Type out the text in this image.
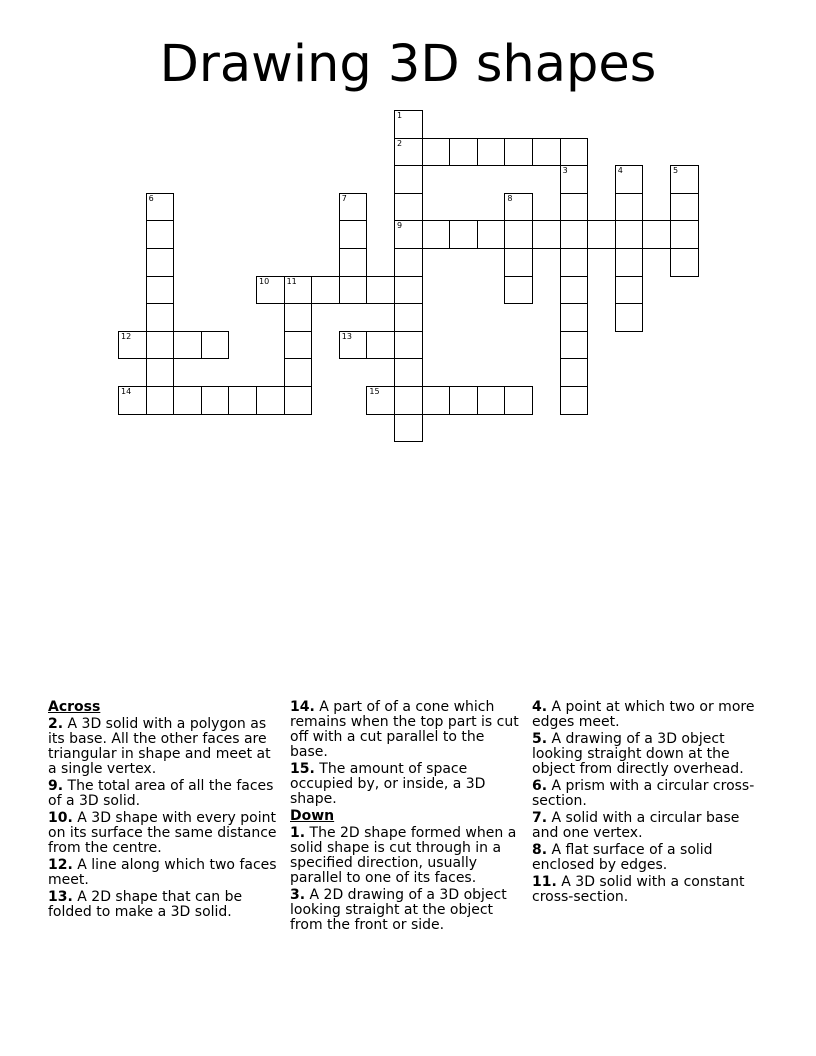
Drawing 3D shapes
2
9
10 11
12	13
14	15
1
3	4	5
6	7	8

Across

2. A 3D solid with a polygon as its base. All the other faces are triangular in shape and meet at a single vertex.

9. The total area of all the faces of a 3D solid.

10. A 3D shape with every point on its surface the same distance from the centre.

12. A line along which two faces meet.

13. A 2D shape that can be folded to make a 3D solid.

14. A part of of a cone which remains when the top part is cut off with a cut parallel to the base.

15. The amount of space occupied by, or inside, a 3D shape.

Down

1. The 2D shape formed when a solid shape is cut through in a specified direction, usually parallel to one of its faces.

3. A 2D drawing of a 3D object looking straight at the object from the front or side.

4. A point at which two or more edges meet.

5. A drawing of a 3D object looking straight down at the object from directly overhead.

6. A prism with a circular cross-section.

7. A solid with a circular base and one vertex.

8. A flat surface of a solid enclosed by edges.

11. A 3D solid with a constant cross-section.
